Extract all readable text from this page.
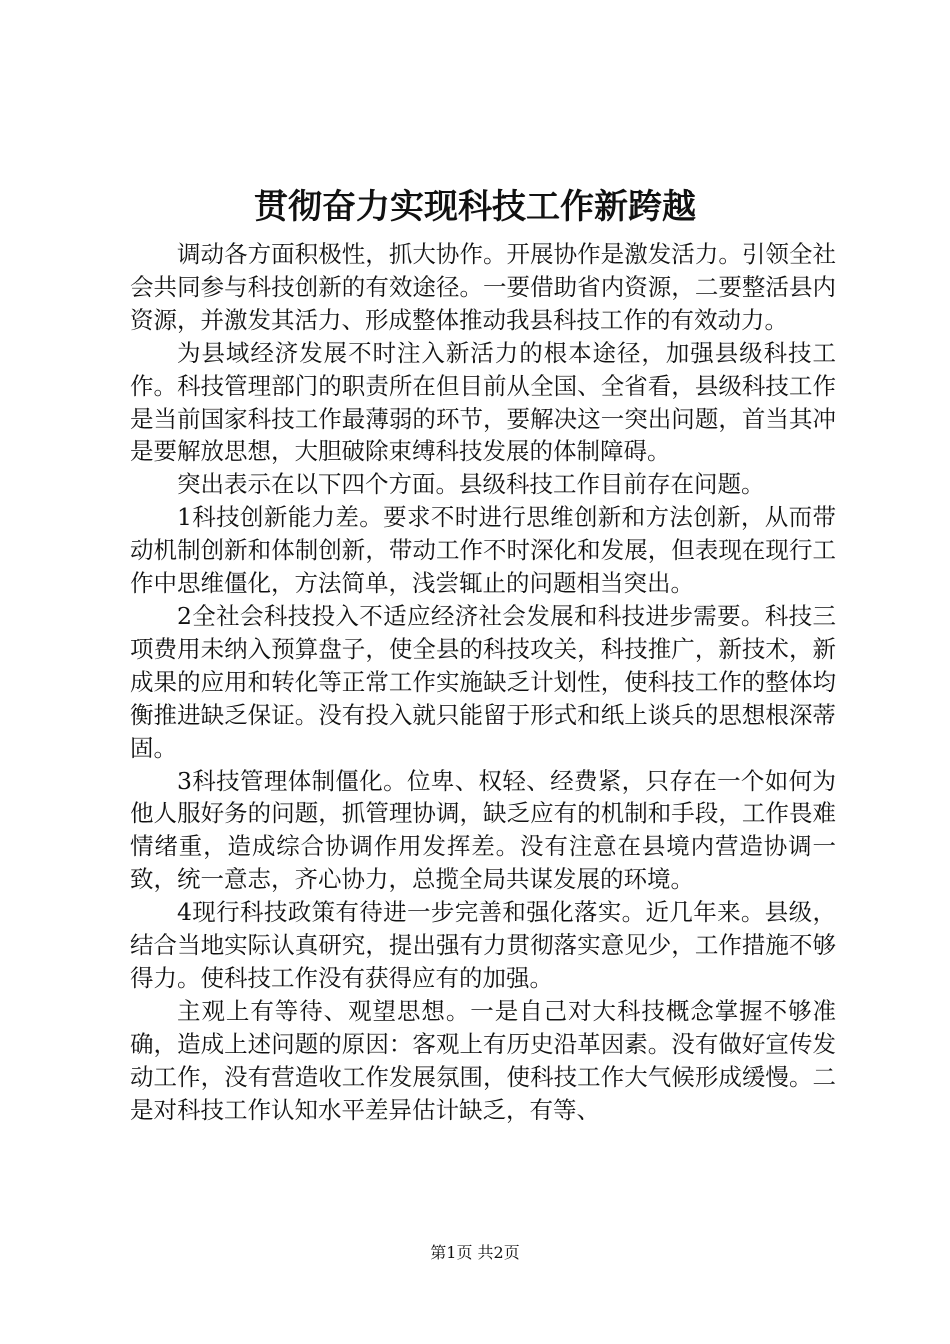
贯彻奋力实现科技工作新跨越

调动各方面积极性，抓大协作。开展协作是激发活力。引领全社会共同参与科技创新的有效途径。一要借助省内资源，二要整活县内资源，并激发其活力、形成整体推动我县科技工作的有效动力。

为县域经济发展不时注入新活力的根本途径，加强县级科技工作。科技管理部门的职责所在但目前从全国、全省看，县级科技工作是当前国家科技工作最薄弱的环节，要解决这一突出问题，首当其冲是要解放思想，大胆破除束缚科技发展的体制障碍。

突出表示在以下四个方面。县级科技工作目前存在问题。

1科技创新能力差。要求不时进行思维创新和方法创新，从而带动机制创新和体制创新，带动工作不时深化和发展，但表现在现行工作中思维僵化，方法简单，浅尝辄止的问题相当突出。

2全社会科技投入不适应经济社会发展和科技进步需要。科技三项费用未纳入预算盘子，使全县的科技攻关，科技推广，新技术，新成果的应用和转化等正常工作实施缺乏计划性，使科技工作的整体均衡推进缺乏保证。没有投入就只能留于形式和纸上谈兵的思想根深蒂固。

3科技管理体制僵化。位卑、权轻、经费紧，只存在一个如何为他人服好务的问题，抓管理协调，缺乏应有的机制和手段，工作畏难情绪重，造成综合协调作用发挥差。没有注意在县境内营造协调一致，统一意志，齐心协力，总揽全局共谋发展的环境。

4现行科技政策有待进一步完善和强化落实。近几年来。县级，结合当地实际认真研究，提出强有力贯彻落实意见少，工作措施不够得力。使科技工作没有获得应有的加强。

主观上有等待、观望思想。一是自己对大科技概念掌握不够准确，造成上述问题的原因：客观上有历史沿革因素。没有做好宣传发动工作，没有营造收工作发展氛围，使科技工作大气候形成缓慢。二是对科技工作认知水平差异估计缺乏，有等、

第1页 共2页
